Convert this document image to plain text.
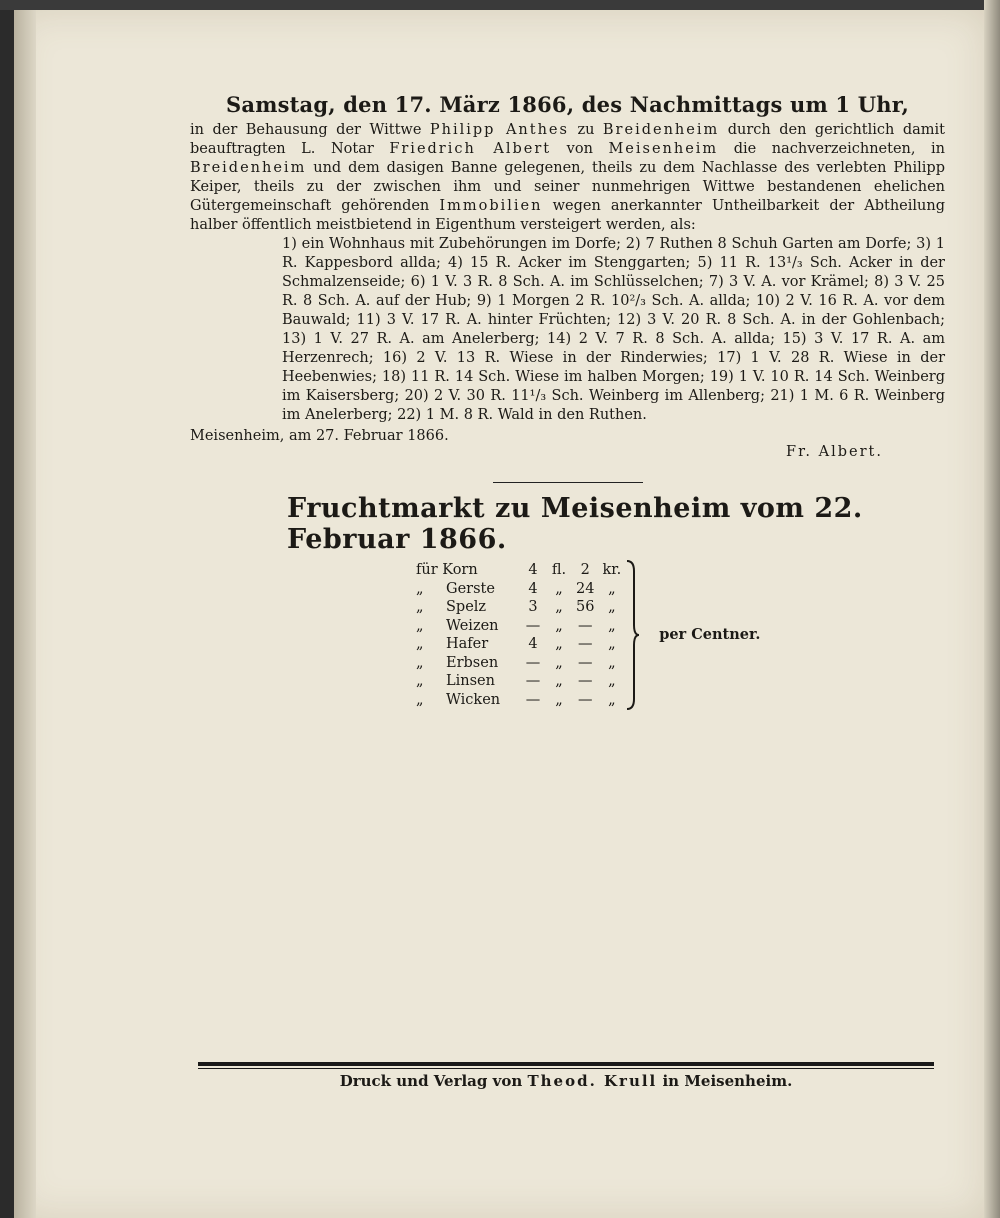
Samstag, den 17. März 1866, des Nachmittags um 1 Uhr,

in der Behausung der Wittwe Philipp Anthes zu Breidenheim durch den gerichtlich damit beauftragten L. Notar Friedrich Albert von Meisenheim die nachverzeichneten, in Breidenheim und dem dasigen Banne gelegenen, theils zu dem Nachlasse des verlebten Philipp Keiper, theils zu der zwischen ihm und seiner nunmehrigen Wittwe bestandenen ehelichen Gütergemeinschaft gehörenden Immobilien wegen anerkannter Untheilbarkeit der Abtheilung halber öffentlich meistbietend in Eigenthum versteigert werden, als:

1) ein Wohnhaus mit Zubehörungen im Dorfe; 2) 7 Ruthen 8 Schuh Garten am Dorfe; 3) 1 R. Kappesbord allda; 4) 15 R. Acker im Stenggarten; 5) 11 R. 13¹/₃ Sch. Acker in der Schmalzenseide; 6) 1 V. 3 R. 8 Sch. A. im Schlüsselchen; 7) 3 V. A. vor Krämel; 8) 3 V. 25 R. 8 Sch. A. auf der Hub; 9) 1 Morgen 2 R. 10²/₃ Sch. A. allda; 10) 2 V. 16 R. A. vor dem Bauwald; 11) 3 V. 17 R. A. hinter Früchten; 12) 3 V. 20 R. 8 Sch. A. in der Gohlenbach; 13) 1 V. 27 R. A. am Anelerberg; 14) 2 V. 7 R. 8 Sch. A. allda; 15) 3 V. 17 R. A. am Herzenrech; 16) 2 V. 13 R. Wiese in der Rinderwies; 17) 1 V. 28 R. Wiese in der Heebenwies; 18) 11 R. 14 Sch. Wiese im halben Morgen; 19) 1 V. 10 R. 14 Sch. Weinberg im Kaisersberg; 20) 2 V. 30 R. 11¹/₃ Sch. Weinberg im Allenberg; 21) 1 M. 6 R. Weinberg im Anelerberg; 22) 1 M. 8 R. Wald in den Ruthen.

Meisenheim, am 27. Februar 1866.
Fr. Albert.
Fruchtmarkt zu Meisenheim vom 22. Februar 1866.
für Korn		4	fl.	2	kr.		per Centner.
„	Gerste	4	„	24	„		
„	Spelz	3	„	56	„		
„	Weizen	—	„	—	„		
„	Hafer	4	„	—	„		
„	Erbsen	—	„	—	„		
„	Linsen	—	„	—	„		
„	Wicken	—	„	—	„		
Druck und Verlag von Theod. Krull in Meisenheim.
